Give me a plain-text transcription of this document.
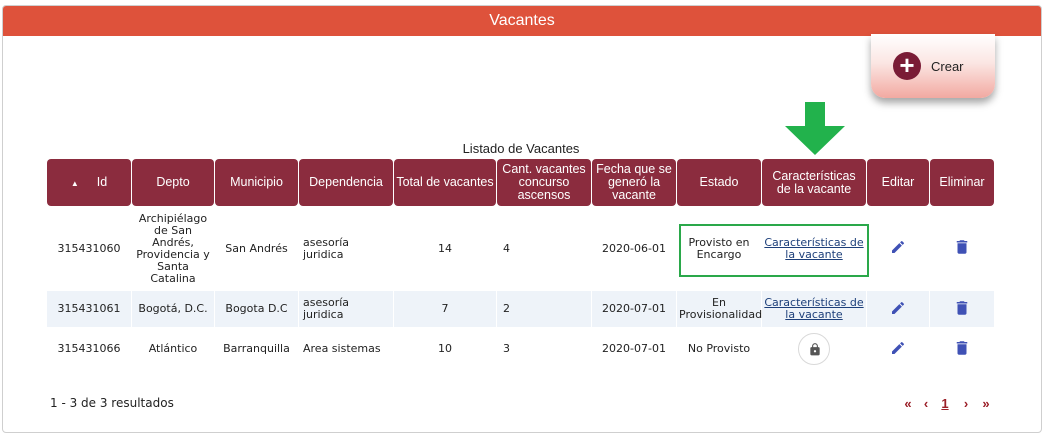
Vacantes
+	Crear
Listado de Vacantes
▲ Id	Depto	Municipio	Dependencia	Total de vacantes	Cant. vacantes concurso ascensos	Fecha que se generó la vacante	Estado	Características de la vacante	Editar	Eliminar
315431060	Archipiélago de San Andrés, Providencia y Santa Catalina	San Andrés	asesoría juridica	14	4	2020-06-01	Provisto en Encargo	Características de la vacante		
315431061	Bogotá, D.C.	Bogota D.C	asesoría juridica	7	2	2020-07-01	En Provisionalidad	Características de la vacante		
315431066	Atlántico	Barranquilla	Area sistemas	10	3	2020-07-01	No Provisto	

1 - 3 de 3 resultados	« ‹	1	›	»
